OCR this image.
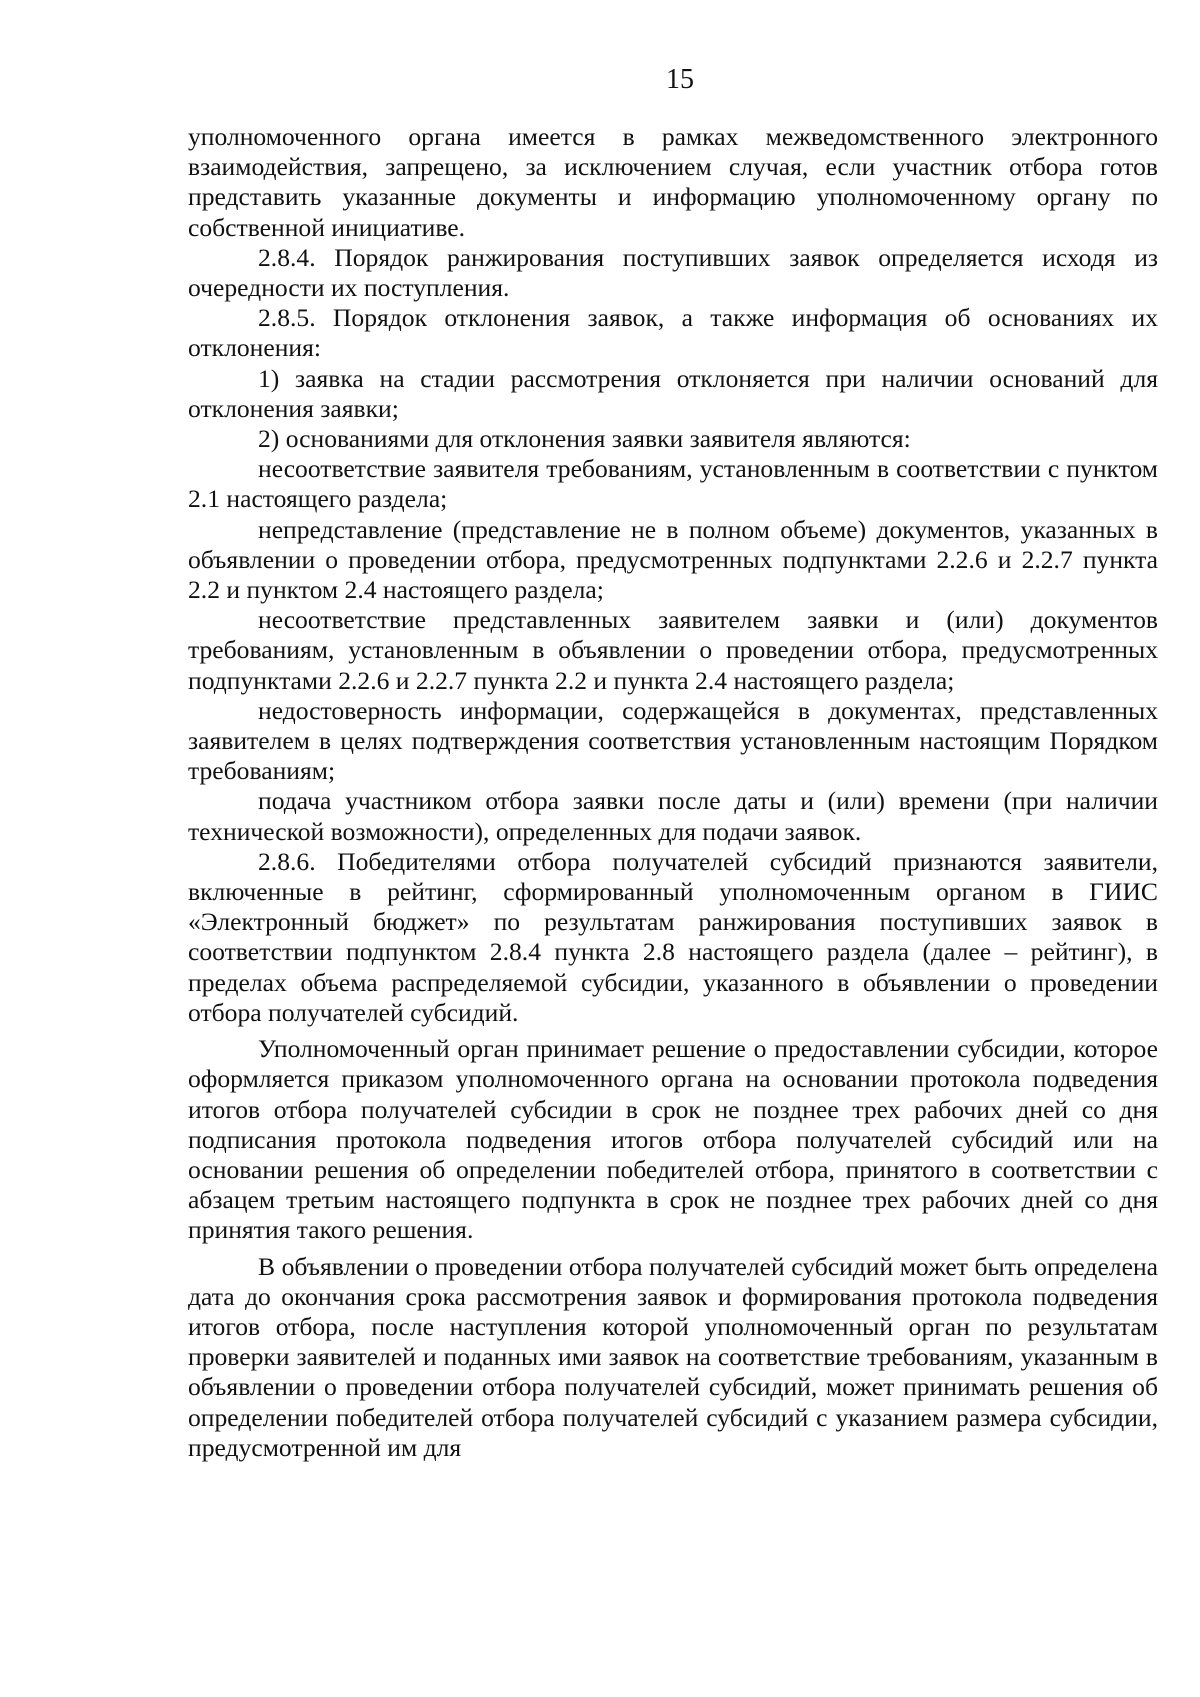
15

уполномоченного органа имеется в рамках межведомственного электронного взаимодействия, запрещено, за исключением случая, если участник отбора готов представить указанные документы и информацию уполномоченному органу по собственной инициативе.

2.8.4. Порядок ранжирования поступивших заявок определяется исходя из очередности их поступления.

2.8.5. Порядок отклонения заявок, а также информация об основаниях их отклонения:

1) заявка на стадии рассмотрения отклоняется при наличии оснований для отклонения заявки;

2) основаниями для отклонения заявки заявителя являются:

несоответствие заявителя требованиям, установленным в соответствии с пунктом 2.1 настоящего раздела;

непредставление (представление не в полном объеме) документов, указанных в объявлении о проведении отбора, предусмотренных подпунктами 2.2.6 и 2.2.7 пункта 2.2 и пунктом 2.4 настоящего раздела;

несоответствие представленных заявителем заявки и (или) документов требованиям, установленным в объявлении о проведении отбора, предусмотренных подпунктами 2.2.6 и 2.2.7 пункта 2.2 и пункта 2.4 настоящего раздела;

недостоверность информации, содержащейся в документах, представленных заявителем в целях подтверждения соответствия установленным настоящим Порядком требованиям;

подача участником отбора заявки после даты и (или) времени (при наличии технической возможности), определенных для подачи заявок.

2.8.6. Победителями отбора получателей субсидий признаются заявители, включенные в рейтинг, сформированный уполномоченным органом в ГИИС «Электронный бюджет» по результатам ранжирования поступивших заявок в соответствии подпунктом 2.8.4 пункта 2.8 настоящего раздела (далее – рейтинг), в пределах объема распределяемой субсидии, указанного в объявлении о проведении отбора получателей субсидий.

Уполномоченный орган принимает решение о предоставлении субсидии, которое оформляется приказом уполномоченного органа на основании протокола подведения итогов отбора получателей субсидии в срок не позднее трех рабочих дней со дня подписания протокола подведения итогов отбора получателей субсидий или на основании решения об определении победителей отбора, принятого в соответствии с абзацем третьим настоящего подпункта в срок не позднее трех рабочих дней со дня принятия такого решения.

В объявлении о проведении отбора получателей субсидий может быть определена дата до окончания срока рассмотрения заявок и формирования протокола подведения итогов отбора, после наступления которой уполномоченный орган по результатам проверки заявителей и поданных ими заявок на соответствие требованиям, указанным в объявлении о проведении отбора получателей субсидий, может принимать решения об определении победителей отбора получателей субсидий с указанием размера субсидии, предусмотренной им для
